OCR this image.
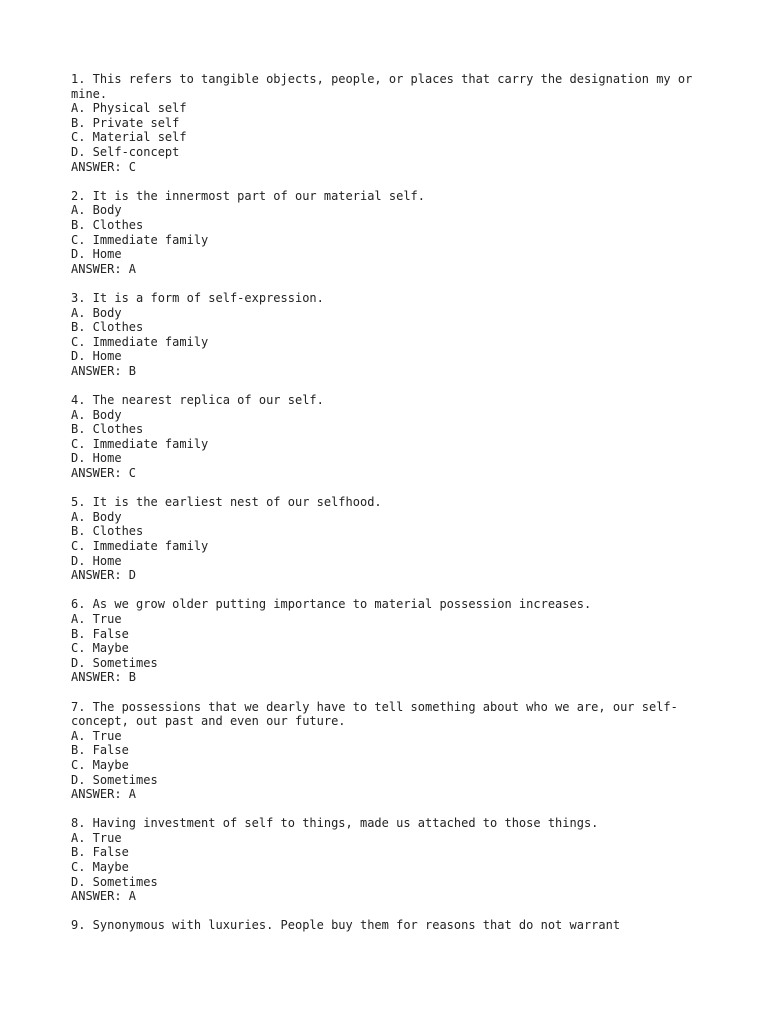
1. This refers to tangible objects, people, or places that carry the designation my or mine.
A. Physical self
B. Private self
C. Material self
D. Self-concept
ANSWER: C
2. It is the innermost part of our material self.
A. Body
B. Clothes
C. Immediate family
D. Home
ANSWER: A
3. It is a form of self-expression.
A. Body
B. Clothes
C. Immediate family
D. Home
ANSWER: B
4. The nearest replica of our self.
A. Body
B. Clothes
C. Immediate family
D. Home
ANSWER: C
5. It is the earliest nest of our selfhood.
A. Body
B. Clothes
C. Immediate family
D. Home
ANSWER: D
6. As we grow older putting importance to material possession increases.
A. True
B. False
C. Maybe
D. Sometimes
ANSWER: B
7. The possessions that we dearly have to tell something about who we are, our self-concept, out past and even our future.
A. True
B. False
C. Maybe
D. Sometimes
ANSWER: A
8. Having investment of self to things, made us attached to those things.
A. True
B. False
C. Maybe
D. Sometimes
ANSWER: A
9. Synonymous with luxuries. People buy them for reasons that do not warrant
